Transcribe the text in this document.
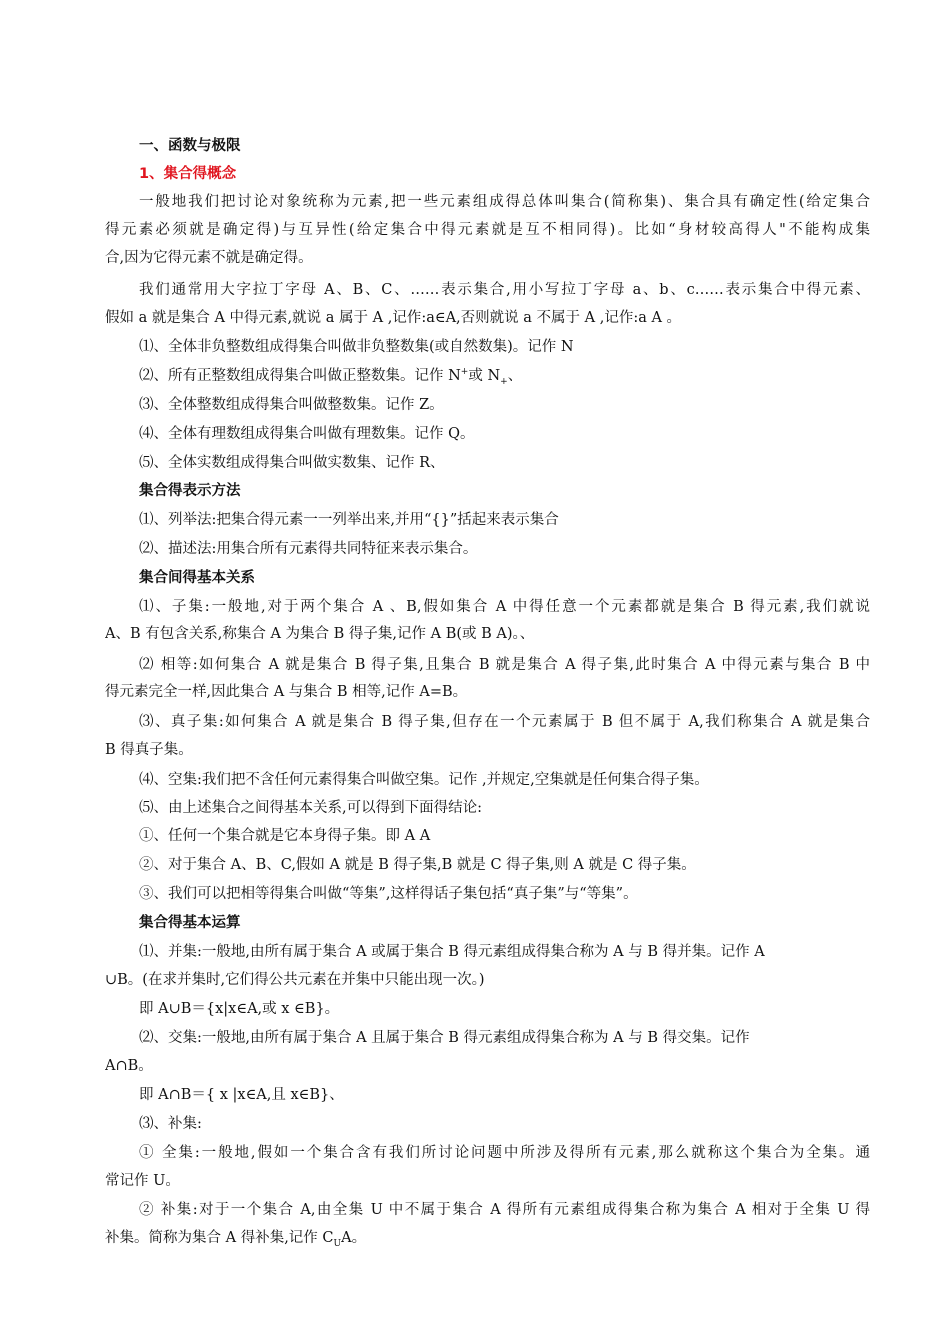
一、函数与极限
1、集合得概念
一般地我们把讨论对象统称为元素,把一些元素组成得总体叫集合(简称集)、集合具有确定性(给定集合
得元素必须就是确定得)与互异性(给定集合中得元素就是互不相同得)。比如“身材较高得人"不能构成集
合,因为它得元素不就是确定得。
我们通常用大字拉丁字母 A、B、C、……表示集合,用小写拉丁字母 a、b、c……表示集合中得元素、
假如 a 就是集合 A 中得元素,就说 a 属于 A ,记作:a∈A,否则就说 a 不属于 A ,记作:a A 。
⑴、全体非负整数组成得集合叫做非负整数集(或自然数集)。记作 N
⑵、所有正整数组成得集合叫做正整数集。记作 N+或 $N_+$、
⑶、全体整数组成得集合叫做整数集。记作 Z。
⑷、全体有理数组成得集合叫做有理数集。记作 Q。
⑸、全体实数组成得集合叫做实数集、记作 R、
集合得表示方法
⑴、列举法:把集合得元素一一列举出来,并用“{}”括起来表示集合
⑵、描述法:用集合所有元素得共同特征来表示集合。
集合间得基本关系
⑴、子集:一般地,对于两个集合 A 、B,假如集合 A 中得任意一个元素都就是集合 B 得元素,我们就说
A、B 有包含关系,称集合 A 为集合 B 得子集,记作 A B(或 B A)。、
⑵ 相等:如何集合 A 就是集合 B 得子集,且集合 B 就是集合 A 得子集,此时集合 A 中得元素与集合 B 中
得元素完全一样,因此集合 A 与集合 B 相等,记作 A=B。
⑶、真子集:如何集合 A 就是集合 B 得子集,但存在一个元素属于 B 但不属于 A,我们称集合 A 就是集合
B 得真子集。
⑷、空集:我们把不含任何元素得集合叫做空集。记作 ,并规定,空集就是任何集合得子集。
⑸、由上述集合之间得基本关系,可以得到下面得结论:
①、任何一个集合就是它本身得子集。即 A A
②、对于集合 A、B、C,假如 A 就是 B 得子集,B 就是 C 得子集,则 A 就是 C 得子集。
③、我们可以把相等得集合叫做“等集”,这样得话子集包括“真子集”与“等集”。
集合得基本运算
⑴、并集:一般地,由所有属于集合 A 或属于集合 B 得元素组成得集合称为 A 与 B 得并集。记作 A
∪B。(在求并集时,它们得公共元素在并集中只能出现一次。)
即 A∪B＝{x|x∈A,或 x ∈B}。
⑵、交集:一般地,由所有属于集合 A 且属于集合 B 得元素组成得集合称为 A 与 B 得交集。记作
A∩B。
即 A∩B＝{ x |x∈A,且 x∈B}、
⑶、补集:
① 全集:一般地,假如一个集合含有我们所讨论问题中所涉及得所有元素,那么就称这个集合为全集。通
常记作 U。
② 补集:对于一个集合 A,由全集 U 中不属于集合 A 得所有元素组成得集合称为集合 A 相对于全集 U 得
补集。简称为集合 A 得补集,记作 $C_UA$。
